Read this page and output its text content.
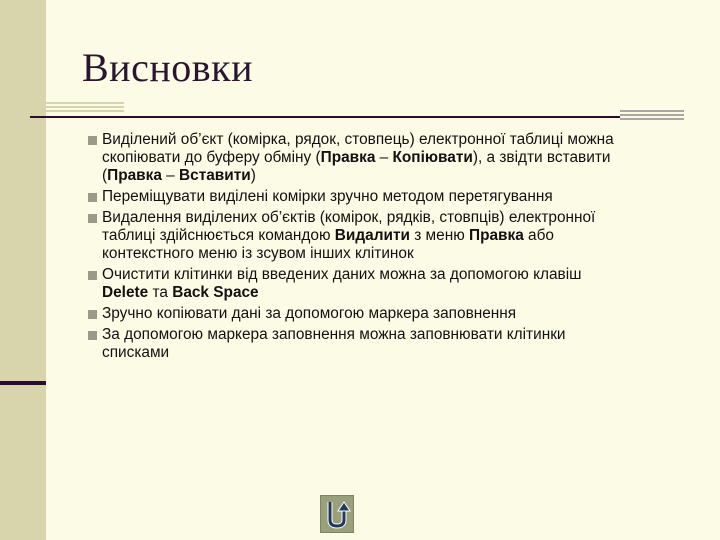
Висновки
Виділений об’єкт (комірка, рядок, стовпець) електронної таблиці можна скопіювати до буферу обміну (Правка – Копіювати), а звідти вставити (Правка – Вставити)
Переміщувати виділені комірки зручно методом перетягування
Видалення виділених об’єктів (комірок, рядків, стовпців) електронної таблиці здійснюється командою Видалити з меню Правка або контекстного меню із зсувом інших клітинок
Очистити клітинки від введених даних можна за допомогою клавіш Delete та Back Space
Зручно копіювати дані за допомогою маркера заповнення
За допомогою маркера заповнення можна заповнювати клітинки списками
